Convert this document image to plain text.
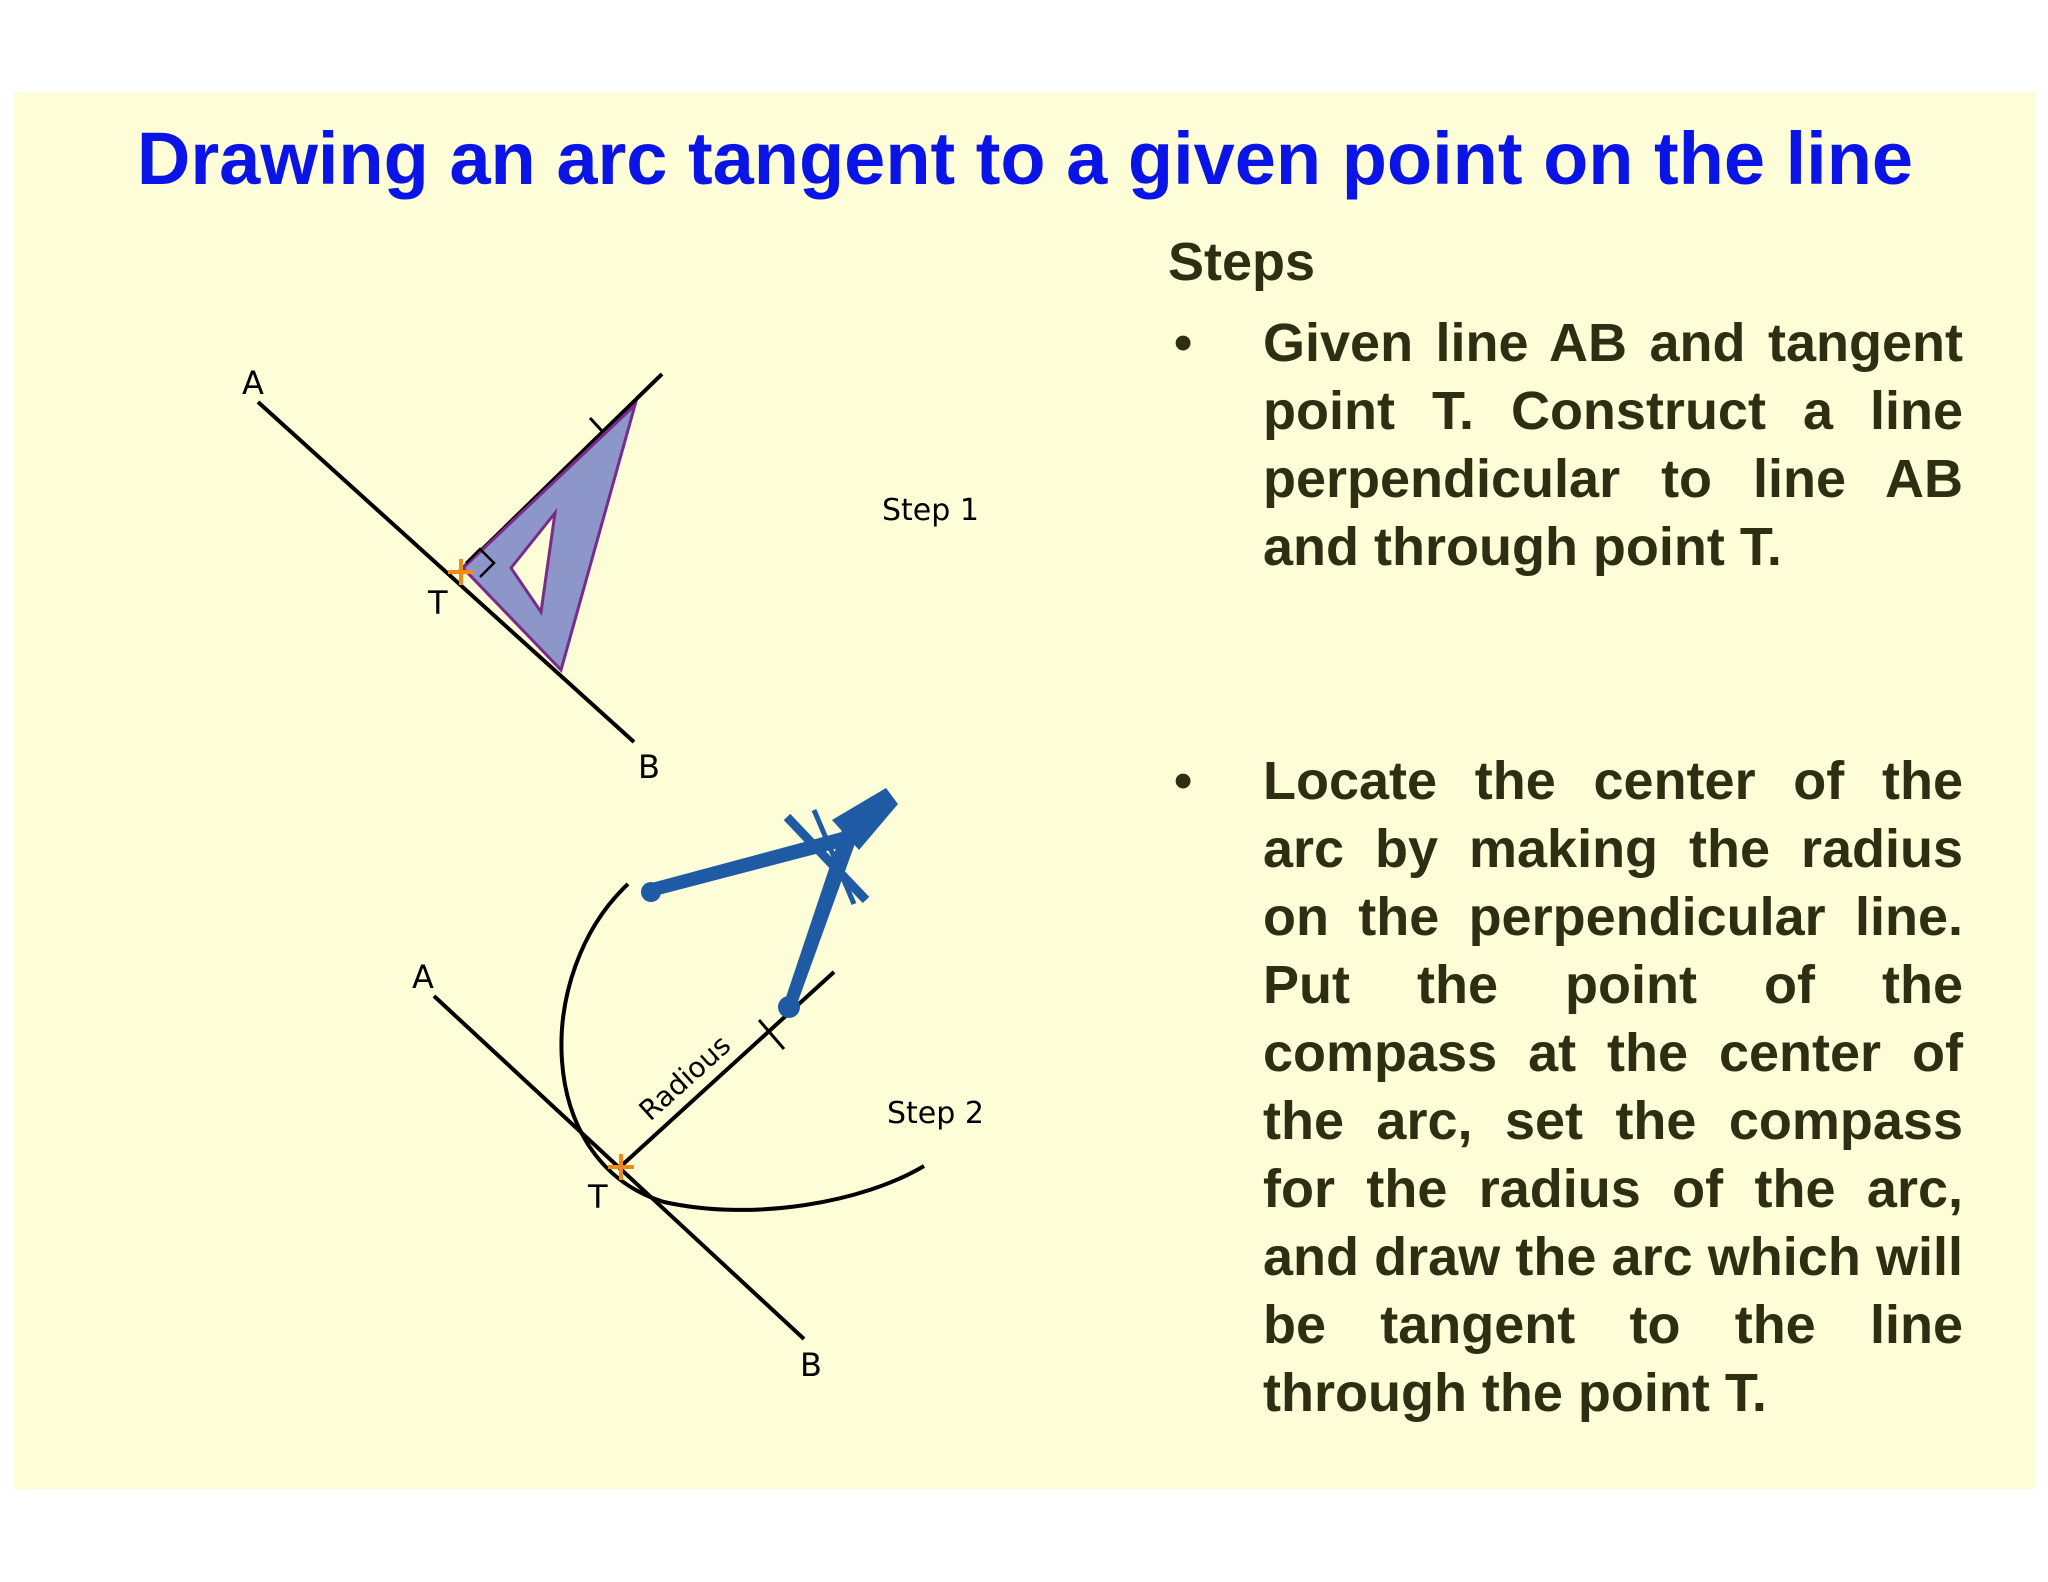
Drawing an arc tangent to a given point on the line
A
T
B
Step 1
A
T
B
Radious	Step 2
Steps
• Given line AB and tangent point T. Construct a line perpendicular to line AB and through point T.
• Locate the center of the arc by making the radius on the perpendicular line. Put the point of the compass at the center of the arc, set the compass for the radius of the arc, and draw the arc which will be tangent to the line through the point T.
